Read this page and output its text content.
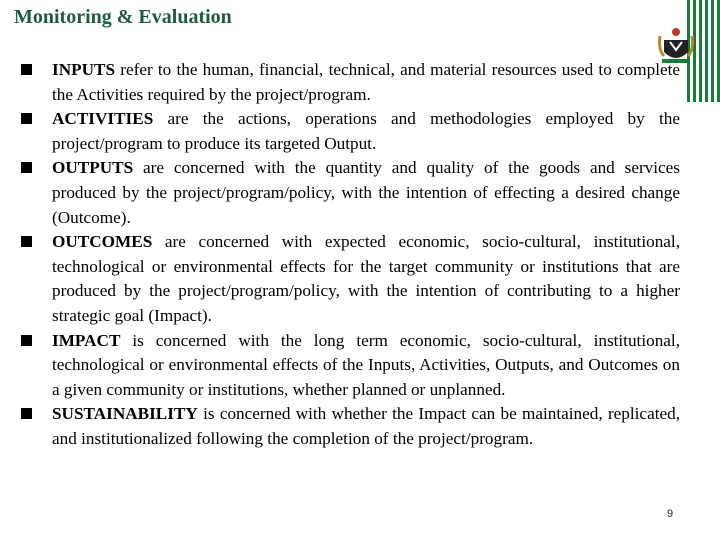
Monitoring & Evaluation
INPUTS refer to the human, financial, technical, and material resources used to complete the Activities required by the project/program.
ACTIVITIES are the actions, operations and methodologies employed by the project/program to produce its targeted Output.
OUTPUTS are concerned with the quantity and quality of the goods and services produced by the project/program/policy, with the intention of effecting a desired change (Outcome).
OUTCOMES are concerned with expected economic, socio-cultural, institutional, technological or environmental effects for the target community or institutions that are produced by the project/program/policy, with the intention of contributing to a higher strategic goal (Impact).
IMPACT is concerned with the long term economic, socio-cultural, institutional, technological or environmental effects of the Inputs, Activities, Outputs, and Outcomes on a given community or institutions, whether planned or unplanned.
SUSTAINABILITY is concerned with whether the Impact can be maintained, replicated, and institutionalized following the completion of the project/program.
9
